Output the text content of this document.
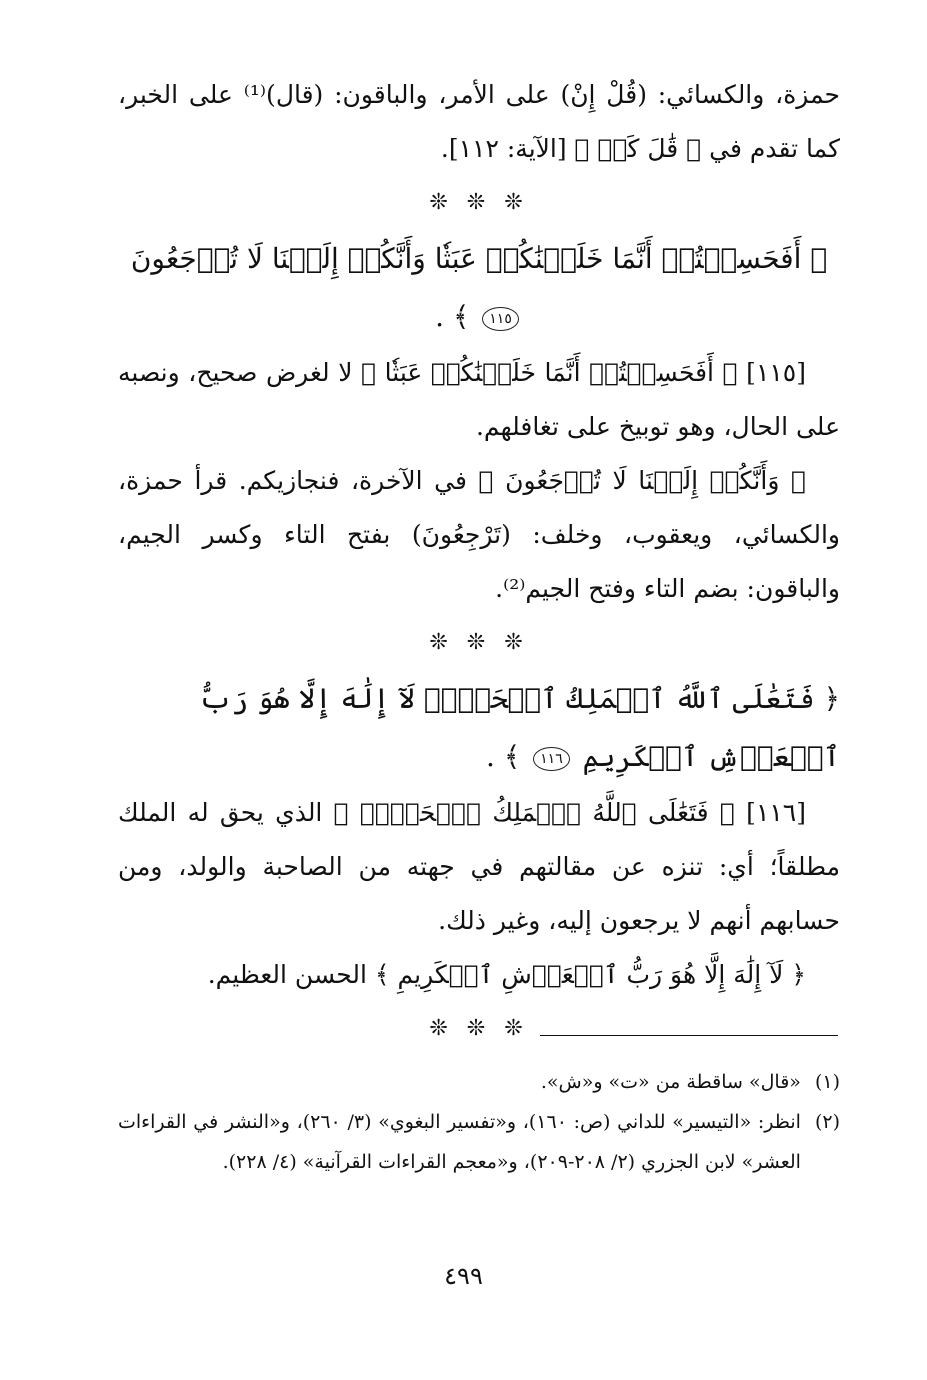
حمزة، والكسائي: (قُلْ إِنْ) على الأمر، والباقون: (قال)⁽¹⁾ على الخبر، كما تقدم في ﴿ قَٰلَ كَمۡ ﴾ [الآية: ١١٢].

❊ ❊ ❊

﴿ أَفَحَسِبۡتُمۡ أَنَّمَا خَلَقۡنَٰكُمۡ عَبَثٗا وَأَنَّكُمۡ إِلَيۡنَا لَا تُرۡجَعُونَ ١١٥ ﴾ .

[١١٥] ﴿ أَفَحَسِبۡتُمۡ أَنَّمَا خَلَقۡنَٰكُمۡ عَبَثٗا ﴾ لا لغرض صحيح، ونصبه على الحال، وهو توبيخ على تغافلهم.

﴿ وَأَنَّكُمۡ إِلَيۡنَا لَا تُرۡجَعُونَ ﴾ في الآخرة، فنجازيكم. قرأ حمزة، والكسائي، ويعقوب، وخلف: (تَرْجِعُونَ) بفتح التاء وكسر الجيم، والباقون: بضم التاء وفتح الجيم⁽²⁾.

❊ ❊ ❊

﴿ فَتَعَٰلَى ٱللَّهُ ٱلۡمَلِكُ ٱلۡحَقُّۖ لَآ إِلَٰهَ إِلَّا هُوَ رَبُّ ٱلۡعَرۡشِ ٱلۡكَرِيمِ ١١٦ ﴾ .

[١١٦] ﴿ فَتَعَٰلَى ٱللَّهُ ٱلۡمَلِكُ ٱلۡحَقُّۖ ﴾ الذي يحق له الملك مطلقاً؛ أي: تنزه عن مقالتهم في جهته من الصاحبة والولد، ومن حسابهم أنهم لا يرجعون إليه، وغير ذلك.

﴿ لَآ إِلَٰهَ إِلَّا هُوَ رَبُّ ٱلۡعَرۡشِ ٱلۡكَرِيمِ ﴾ الحسن العظيم.

❊ ❊ ❊
(١)
«قال» ساقطة من «ت» و«ش».
(٢)
انظر: «التيسير» للداني (ص: ١٦٠)، و«تفسير البغوي» (٣/ ٢٦٠)، و«النشر في القراءات العشر» لابن الجزري (٢/ ٢٠٨-٢٠٩)، و«معجم القراءات القرآنية» (٤/ ٢٢٨).
٤٩٩
